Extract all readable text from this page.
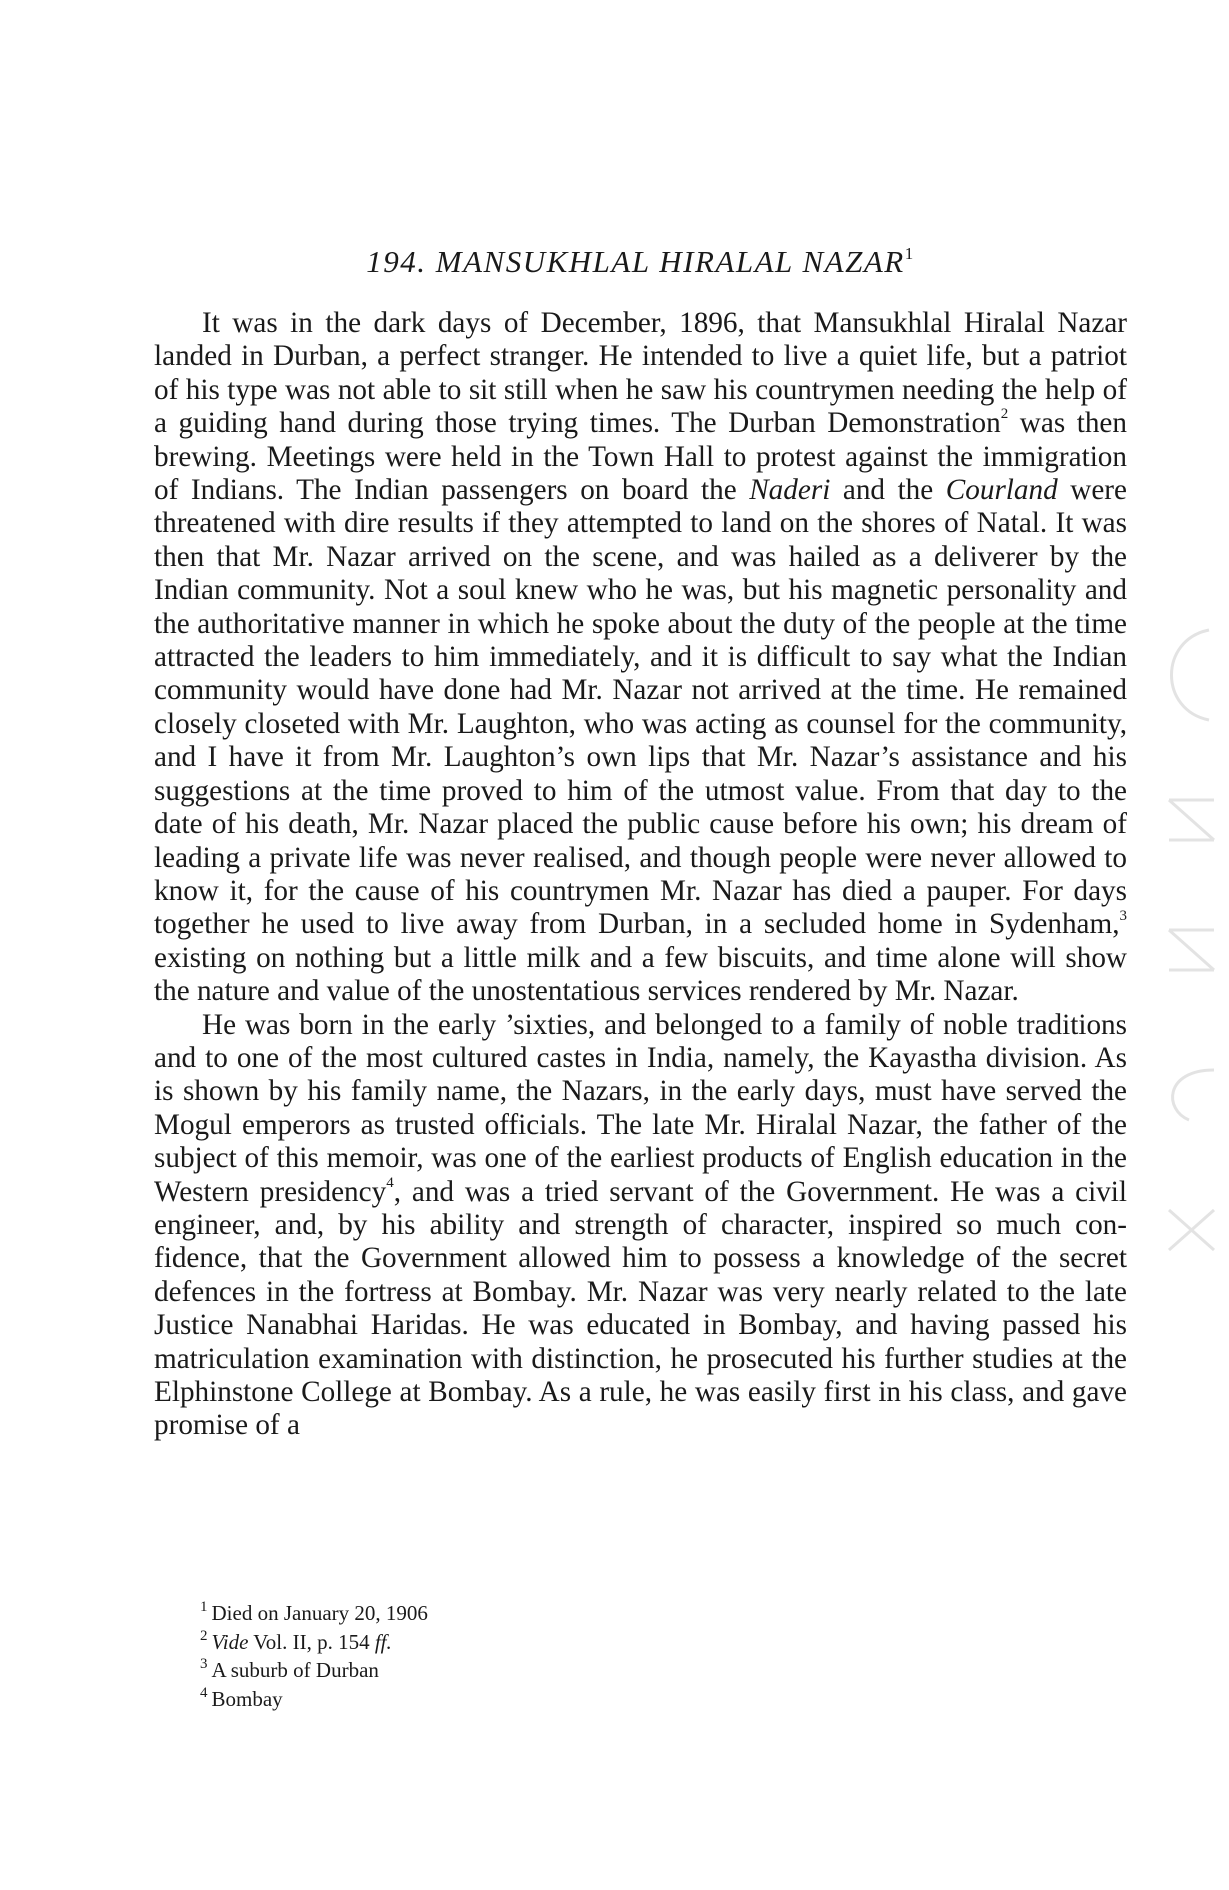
194. MANSUKHLAL HIRALAL NAZAR$^1$

It was in the dark days of December, 1896, that Mansukhlal Hiralal Nazar landed in Durban, a perfect stranger. He intended to live a quiet life, but a patriot of his type was not able to sit still when he saw his countrymen needing the help of a guiding hand during those trying times. The Durban Demonstration$^2$ was then brewing. Meetings were held in the Town Hall to protest against the immigration of Indians. The Indian passengers on board the Naderi and the Courland were threatened with dire results if they attempted to land on the shores of Natal. It was then that Mr. Nazar arrived on the scene, and was hailed as a deliverer by the Indian community. Not a soul knew who he was, but his magnetic personality and the authoritative manner in which he spoke about the duty of the people at the time attracted the leaders to him immediately, and it is difficult to say what the Indian community would have done had Mr. Nazar not arrived at the time. He remained closely closeted with Mr. Laughton, who was acting as counsel for the community, and I have it from Mr. Laughton’s own lips that Mr. Nazar’s assistance and his suggestions at the time proved to him of the utmost value. From that day to the date of his death, Mr. Nazar placed the public cause before his own; his dream of leading a private life was never realised, and though people were never allowed to know it, for the cause of his countrymen Mr. Nazar has died a pauper. For days together he used to live away from Durban, in a secluded home in Sydenham,$^3$ existing on nothing but a little milk and a few biscuits, and time alone will show the nature and value of the unostentatious services rendered by Mr. Nazar.

He was born in the early ’sixties, and belonged to a family of noble traditions and to one of the most cultured castes in India, namely, the Kayastha division. As is shown by his family name, the Nazars, in the early days, must have served the Mogul emperors as trusted officials. The late Mr. Hiralal Nazar, the father of the subject of this memoir, was one of the earliest products of English education in the Western presidency$^4$, and was a tried servant of the Government. He was a civil engineer, and, by his ability and strength of character, inspired so much confidence, that the Government allowed him to possess a knowledge of the secret defences in the fortress at Bombay. Mr. Nazar was very nearly related to the late Justice Nanabhai Haridas. He was educated in Bombay, and having passed his matriculation examination with distinction, he prosecuted his further studies at the Elphinstone College at Bombay. As a rule, he was easily first in his class, and gave promise of a

$^1$ Died on January 20, 1906
$^2$ Vide Vol. II, p. 154 ff.
$^3$ A suburb of Durban
$^4$ Bombay
